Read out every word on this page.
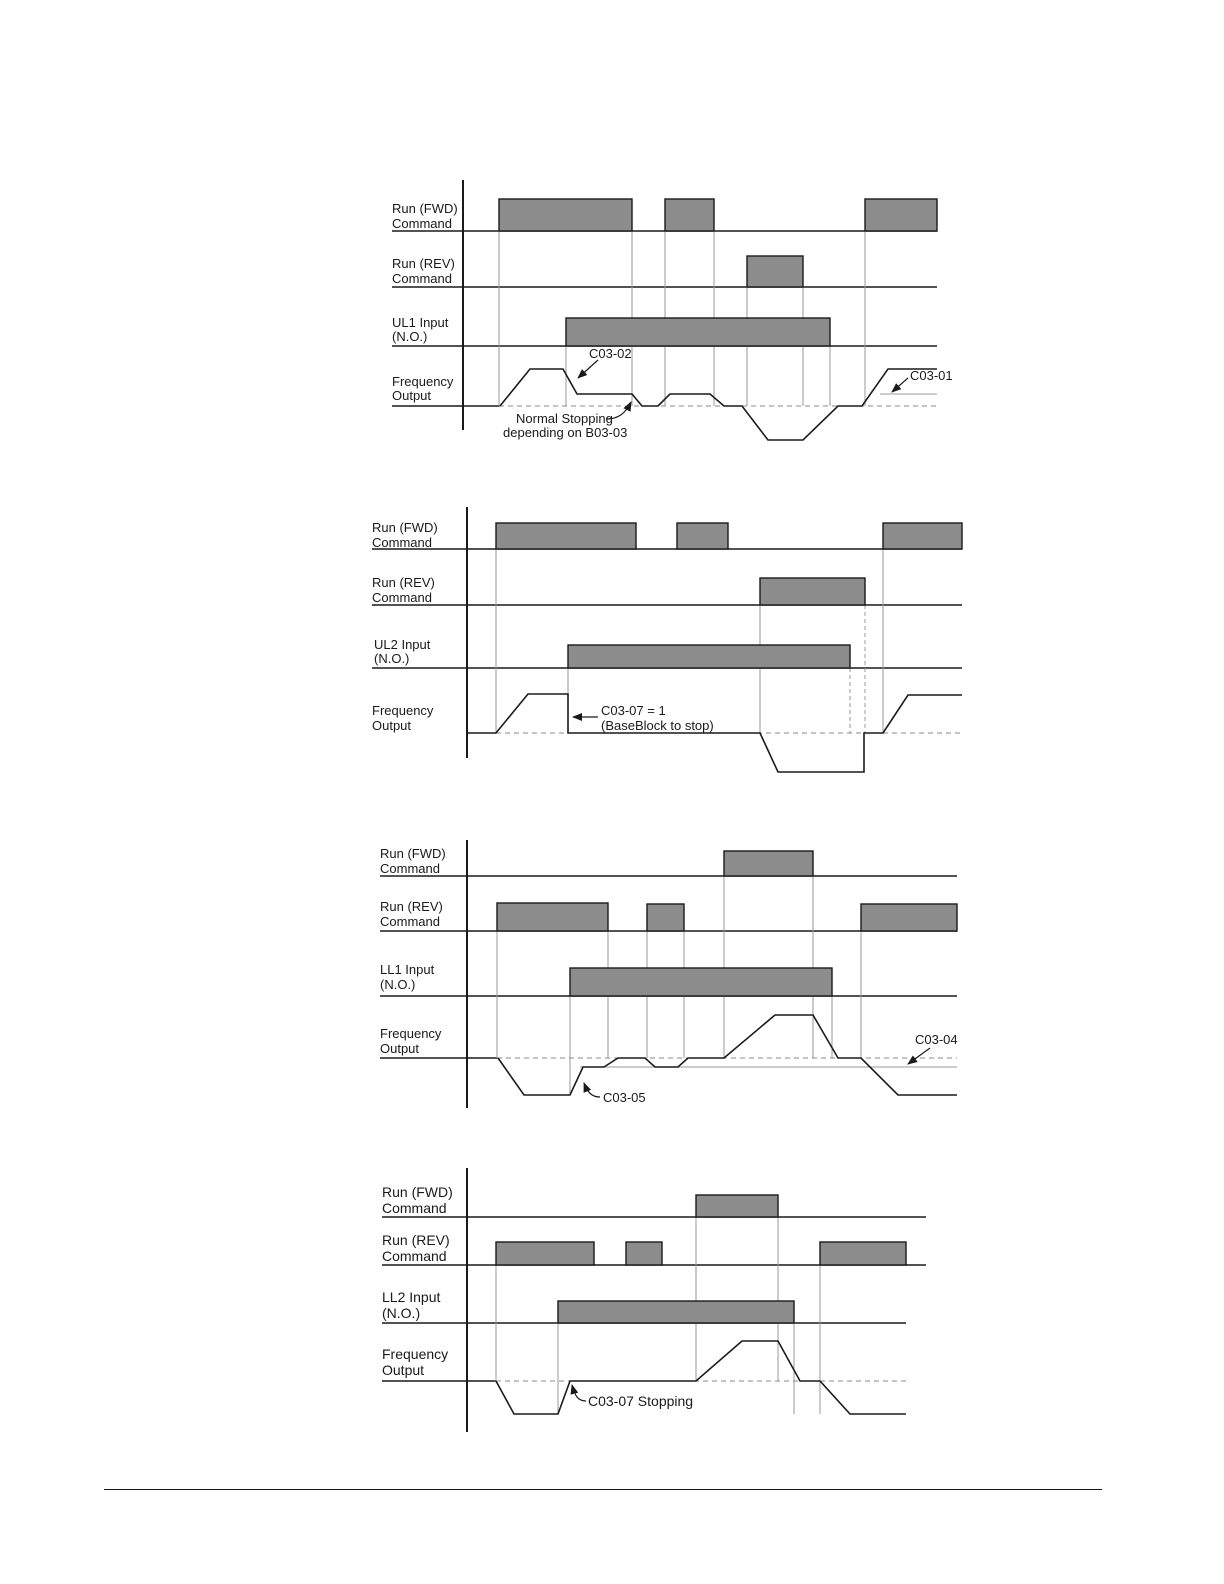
Run (FWD)
Command
Run (REV)
Command
UL1 Input
(N.O.)
Frequency
Output
C03-02
C03-01
Normal Stopping
depending on B03-03
Run (FWD)
Command
Run (REV)
Command
UL2 Input
(N.O.)
Frequency
Output
C03-07 = 1
(BaseBlock to stop)
Run (FWD)
Command
Run (REV)
Command
LL1 Input
(N.O.)
Frequency
Output
C03-04
C03-05
Run (FWD)
Command
Run (REV)
Command
LL2 Input
(N.O.)
Frequency
Output
C03-07 Stopping
